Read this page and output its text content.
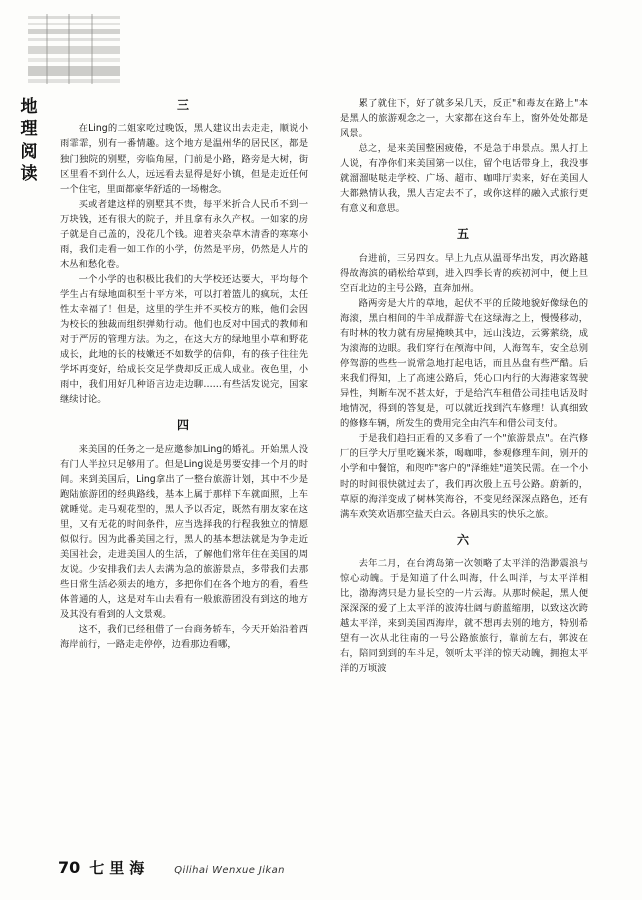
地
理
阅
读
三

在Ling的二姐家吃过晚饭，黑人建议出去走走，顺说小雨霏霏，别有一番情趣。这个地方是温州华的居民区，都是独门独院的别墅，旁临角屋，门前是小路，路旁是大树，街区里看不到什么人，远远看去显得是好小镇，但是走近任何一个住宅，里面都豪华舒适的一场榭念。

买或者建这样的别墅其不贵，每平米折合人民币不到一万块钱，还有很大的院子，并且拿有永久产权。一如家的房子就是自己盖的，没花几个钱。迎着夹杂草木清香的寒寒小雨，我们走看一如工作的小学，仿然是平房，仍然是人片的木丛和愁化卷。

一个小学的也积极比我们的大学校还达要大，平均每个学生占有绿地面积至十平方米，可以打着篮儿的疯玩，太任性太幸福了！但是，这里的学生并不买校方的账，他们会因为校长的独裁而组织弹劾行动。他们也反对中国式的教师和对于严厉的管理方法。为之，在这大方的绿地里小草和野花成长，此地的长的枝嫩还不如数学的信仰，有的孩子往往先学坏再变好，给成长交足学费却反正成人成业。夜色里，小雨中，我们用好几种语言边走边聊……有些活发说完，国家继续讨论。

四

来美国的任务之一是应邀参加Ling的婚礼。开始黑人没有门人半拉只足够用了。但是Ling说是男要安排一个月的时间。来到美国后，Ling拿出了一整台旅游计划，其中不少是跑陆旅游团的经典路线，基本上属于那样下车就面照，上车就睡觉。走马观花型的，黑人予以否定，既然有朋友家在这里，又有无花的时间条件，应当选择我的行程我独立的情愿似似行。因为此番美国之行，黑人的基本想法就是为争走近美国社会，走进美国人的生活，了解他们常年住在美国的周友说。少安排我们去人去满为急的旅游景点，多带我们去那些日常生活必须去的地方，多把你们在各个地方的看，看些体普通的人，这是对车山去看有一般旅游团没有到这的地方及其没有看到的人文景观。

这不，我们已经租借了一台商务轿车，今天开始沿着西海岸前行，一路走走停停，边看那边看哪，

累了就住下，好了就多呆几天，反正"和毒友在路上"本是黑人的旅游观念之一，大家都在这台车上，窗外处处都是风景。

总之，是来美国整困疲倦，不是急于串景点。黑人打上人说，有净你们来美国第一以住，留个电话带身上，我没事就溜溜哒哒走学校、广场、超市、咖啡厅卖来，好在美国人大都熟情认我，黑人吉定去不了，或你这样的融入式旅行更有意义和意思。

五

台进前，三另四女。早上九点从温哥华出发，再次路越得故海滨的硝松给草到，进入四季长青的疾初河中，便上旦空百北边的主号公路，直奔加州。

路两旁是大片的草地，起伏不平的丘陵地貌好像绿色的海滚，黑白相间的牛羊成群游弋在这绿海之上，慢慢移动，有时林的牧力就有房屋掩映其中，远山浅边，云雾萦绕，成为滚海的边眼。我们穿行在颅海中间，人海驾车，安全总别停驾游的些些一说常急地打起电话，而且丛盘有些严酷。后来我们得知，上了高速公路后，凭心口内行的大海港家驾驶异性，判断车况不甚太好，于是给汽车租借公司挂电话及时地情况，得到的答复是，可以就近找到汽车修理！认真细致的修修车辆，所发生的费用完全由汽车和借公司支付。

于是我们趋扫正看的又多看了一个"旅游景点"。在汽修厂的巨学大厅里吃巍米茶，喝咖啡，参观修理车间，别开的小学和中餐馆，和咫咋"客户的"泽维娃"道笑民需。在一个小时的时间很快就过去了，我们再次殷上五号公路。蔚新的，草原的海洋变成了树林笑海谷，不变见经深深点路色，还有满车欢笑欢语那空盐天白云。各剧具实的快乐之旅。

六

去年二月，在台湾岛第一次领略了太平洋的浩渺震浪与惊心动魄。于是知道了什么叫海，什么叫洋，与太平洋相比，渤海湾只是力显长空的一片云海。从那时候起，黑人便深深深的爱了上太平洋的波涛壮阔与蔚蓝缩朋，以致这次跨越太平洋，来到美国西海岸，就不想再去别的地方，特别希望有一次从北往南的一号公路旅旅行，靠前左右，郭波在右，陪同到到的车斗足，领听太平洋的惊天动魄，拥抱太平洋的万顷波

70 七里海	Qilihai Wenxue Jikan
